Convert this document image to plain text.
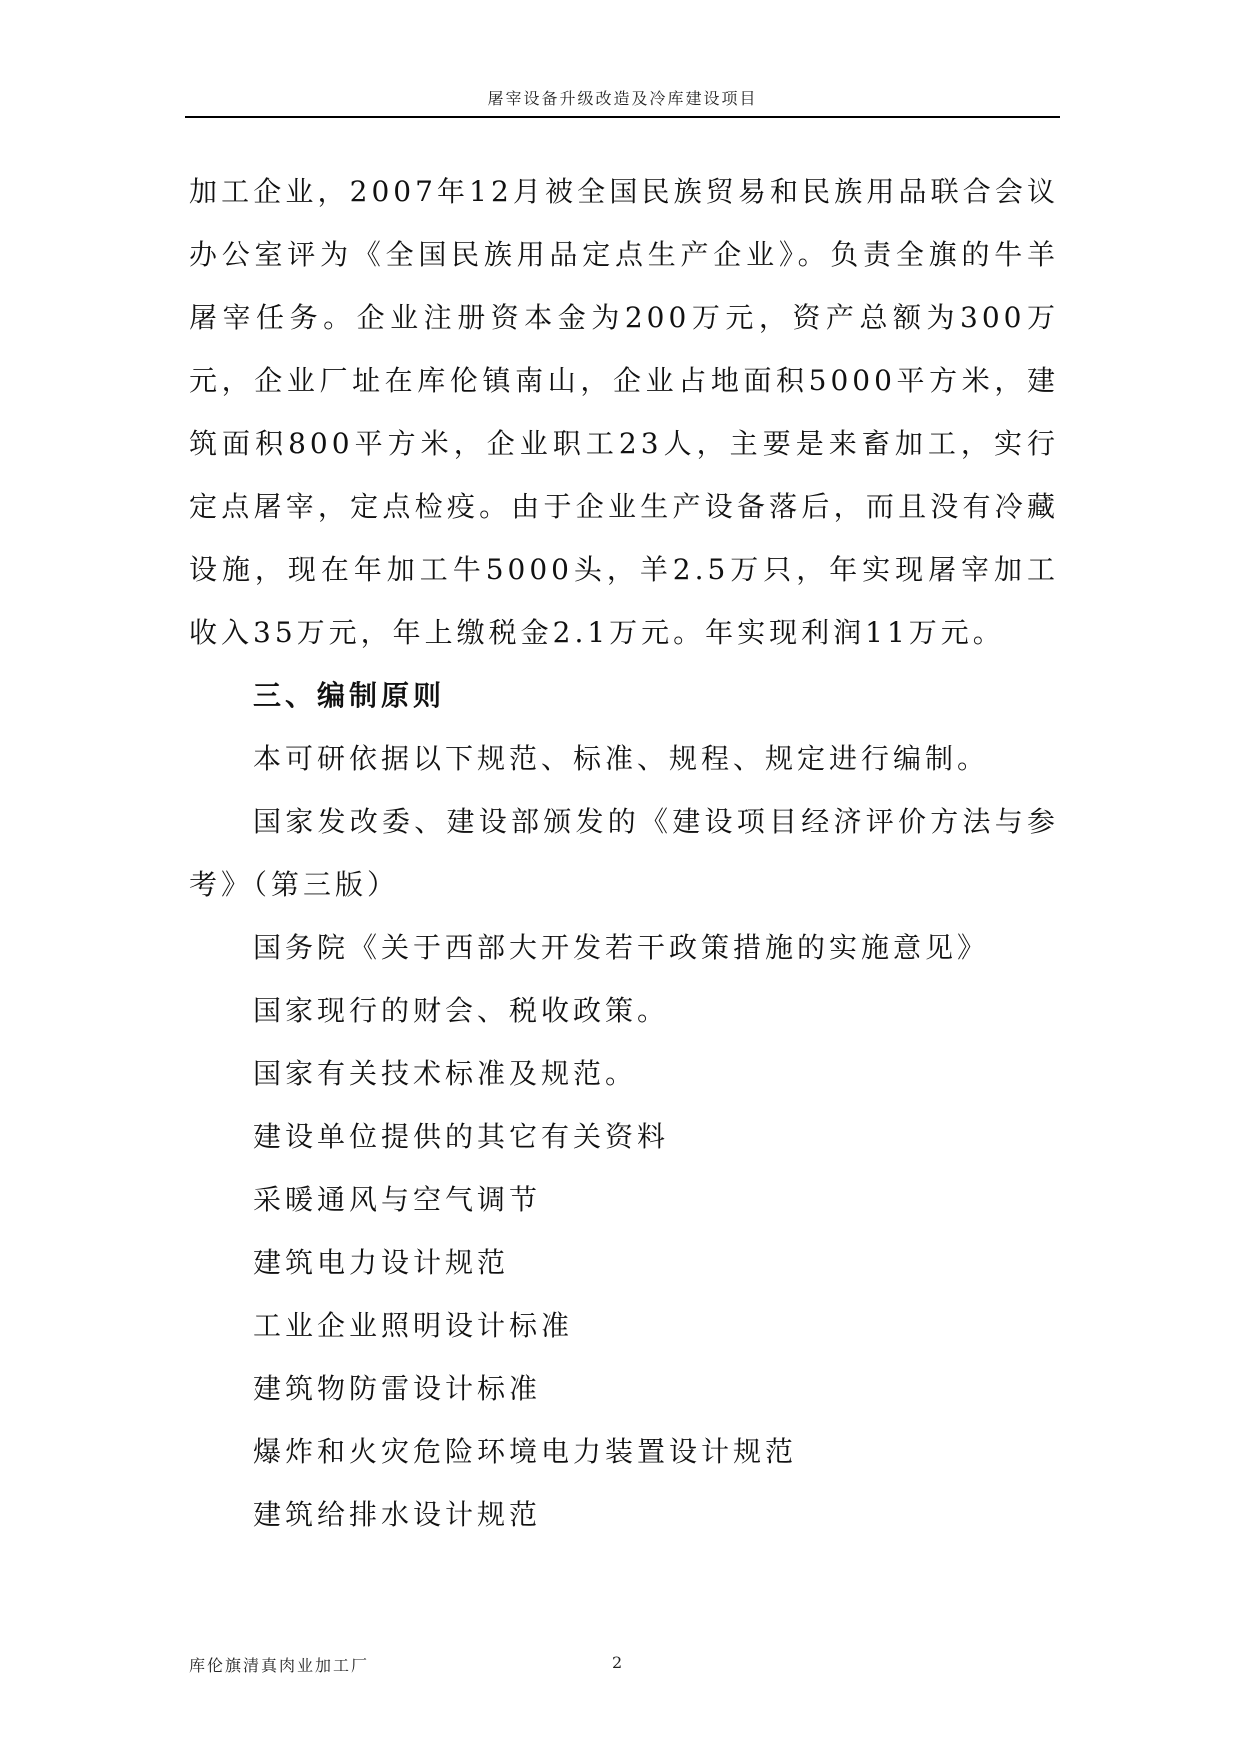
屠宰设备升级改造及冷库建设项目

加工企业，2007年12月被全国民族贸易和民族用品联合会议办公室评为《全国民族用品定点生产企业》。负责全旗的牛羊屠宰任务。企业注册资本金为200万元，资产总额为300万元，企业厂址在库伦镇南山，企业占地面积5000平方米，建筑面积800平方米，企业职工23人，主要是来畜加工，实行定点屠宰，定点检疫。由于企业生产设备落后，而且没有冷藏设施，现在年加工牛5000头，羊2.5万只，年实现屠宰加工收入35万元，年上缴税金2.1万元。年实现利润11万元。

三、编制原则

本可研依据以下规范、标准、规程、规定进行编制。

国家发改委、建设部颁发的《建设项目经济评价方法与参考》（第三版）

国务院《关于西部大开发若干政策措施的实施意见》

国家现行的财会、税收政策。

国家有关技术标准及规范。

建设单位提供的其它有关资料

采暖通风与空气调节

建筑电力设计规范

工业企业照明设计标准

建筑物防雷设计标准

爆炸和火灾危险环境电力装置设计规范

建筑给排水设计规范

库伦旗清真肉业加工厂	2
